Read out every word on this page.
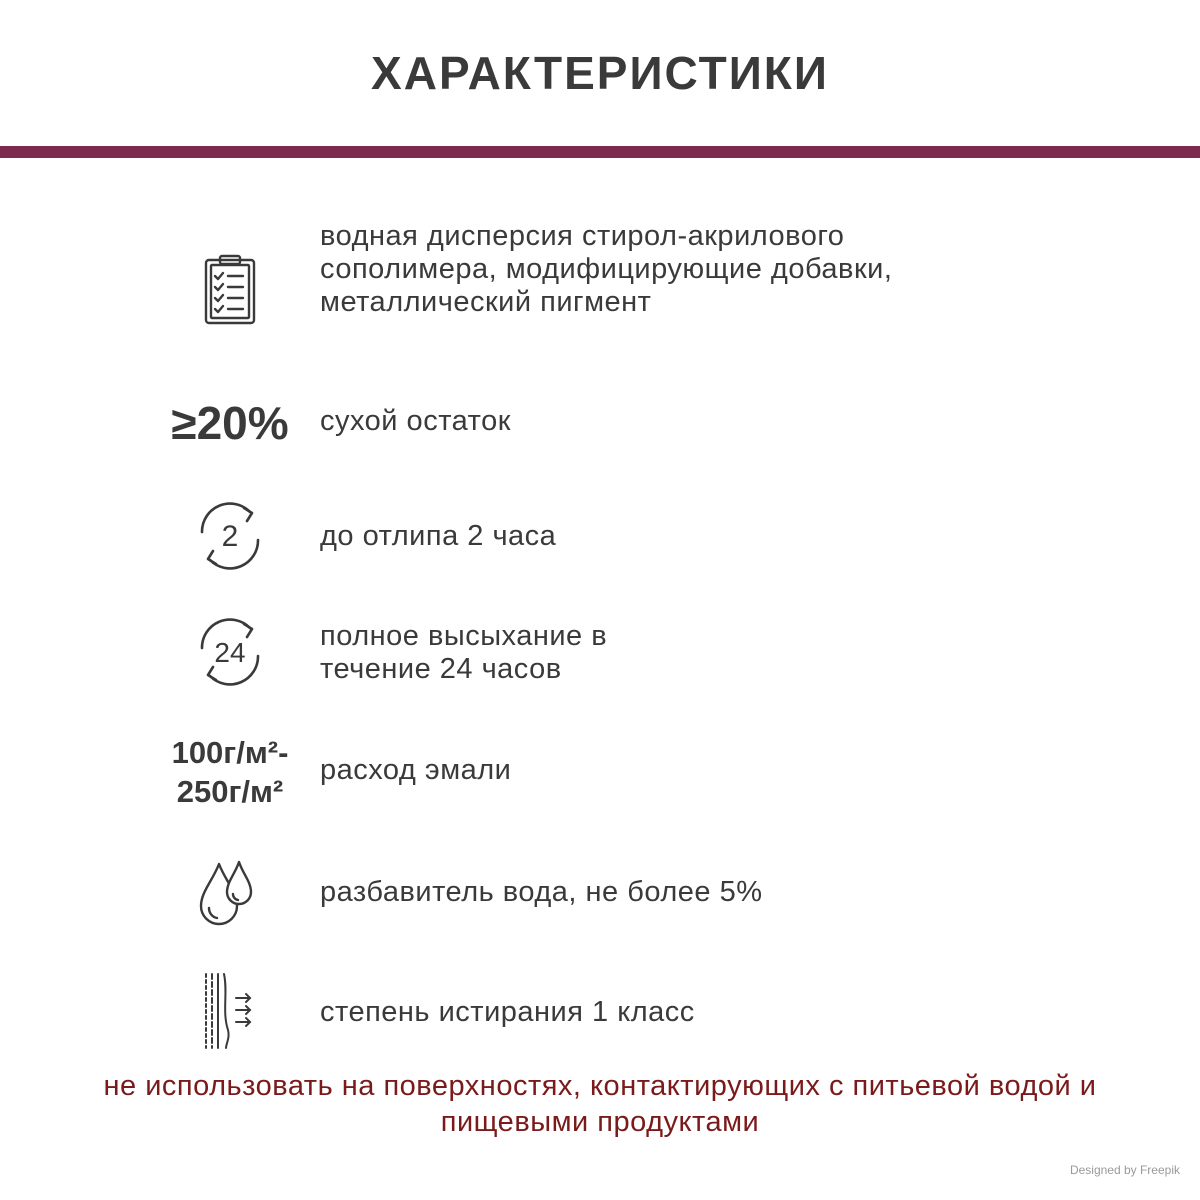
ХАРАКТЕРИСТИКИ
водная дисперсия стирол-акрилового сополимера, модифицирующие добавки, металлический пигмент
≥20%	сухой остаток
2	до отлипа 2 часа
24
полное высыхание в течение 24 часов
100г/м²-
250г/м²
расход эмали
разбавитель вода, не более 5%
степень истирания 1 класс
не использовать на поверхностях, контактирующих с питьевой водой и пищевыми продуктами
Designed by Freepik
